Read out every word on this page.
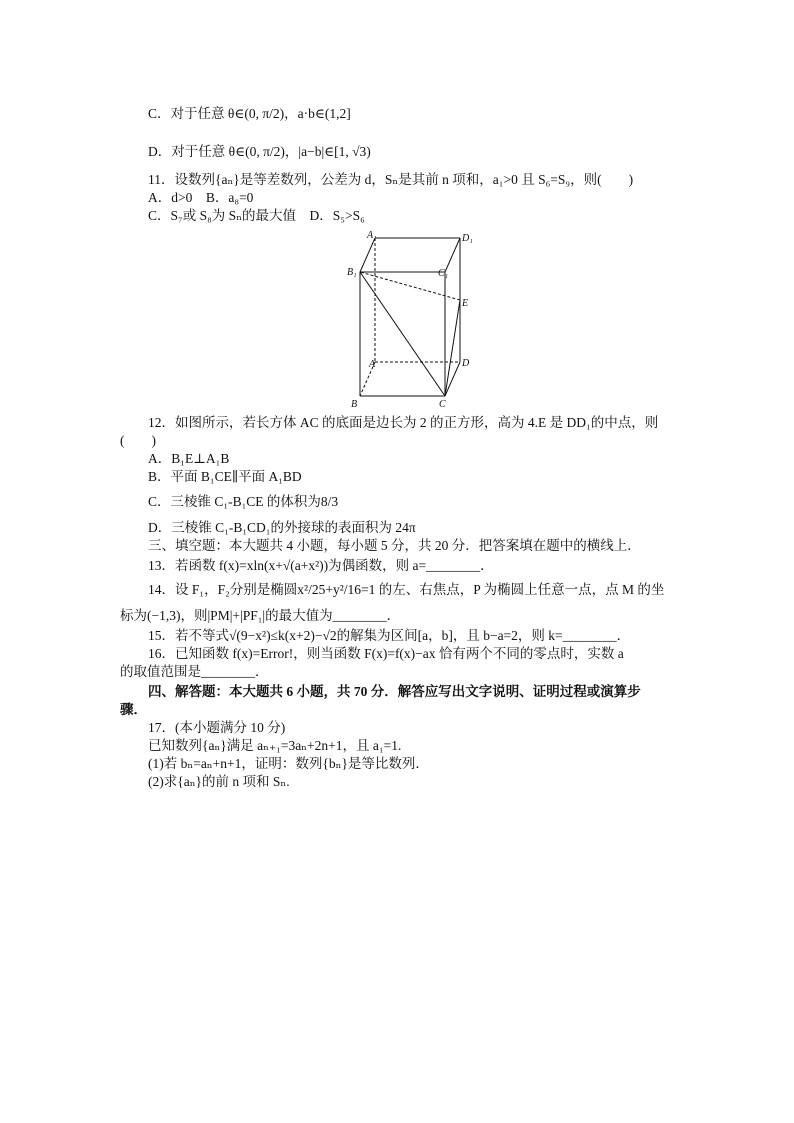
C．对于任意 θ∈(0, π/2)，a·b∈(1,2]
D．对于任意 θ∈(0, π/2)，|a−b|∈[1, √3)
11．设数列{aₙ}是等差数列，公差为 d，Sₙ是其前 n 项和，a₁>0 且 S₆=S₉，则(　　)
A．d>0　B．a₈=0
C．S₇或 S₈为 Sₙ的最大值　D．S₅>S₆
A₁	D₁
B₁	C₁
E
A	D
B	C
12．如图所示，若长方体 AC 的底面是边长为 2 的正方形，高为 4.E 是 DD₁的中点，则
(　　)
A．B₁E⊥A₁B
B．平面 B₁CE∥平面 A₁BD
C．三棱锥 C₁-B₁CE 的体积为8/3
D．三棱锥 C₁-B₁CD₁的外接球的表面积为 24π
三、填空题：本大题共 4 小题，每小题 5 分，共 20 分．把答案填在题中的横线上．
13．若函数 f(x)=xln(x+√(a+x²))为偶函数，则 a=________．
14．设 F₁，F₂分别是椭圆x²/25+y²/16=1 的左、右焦点，P 为椭圆上任意一点，点 M 的坐
标为(−1,3)，则|PM|+|PF₁|的最大值为________．
15．若不等式√(9−x²)≤k(x+2)−√2的解集为区间[a，b]，且 b−a=2，则 k=________．
16．已知函数 f(x)=Error!，则当函数 F(x)=f(x)−ax 恰有两个不同的零点时，实数 a
的取值范围是________．
四、解答题：本大题共 6 小题，共 70 分．解答应写出文字说明、证明过程或演算步
骤．
17．(本小题满分 10 分)
已知数列{aₙ}满足 aₙ₊₁=3aₙ+2n+1，且 a₁=1.
(1)若 bₙ=aₙ+n+1，证明：数列{bₙ}是等比数列．
(2)求{aₙ}的前 n 项和 Sₙ.
